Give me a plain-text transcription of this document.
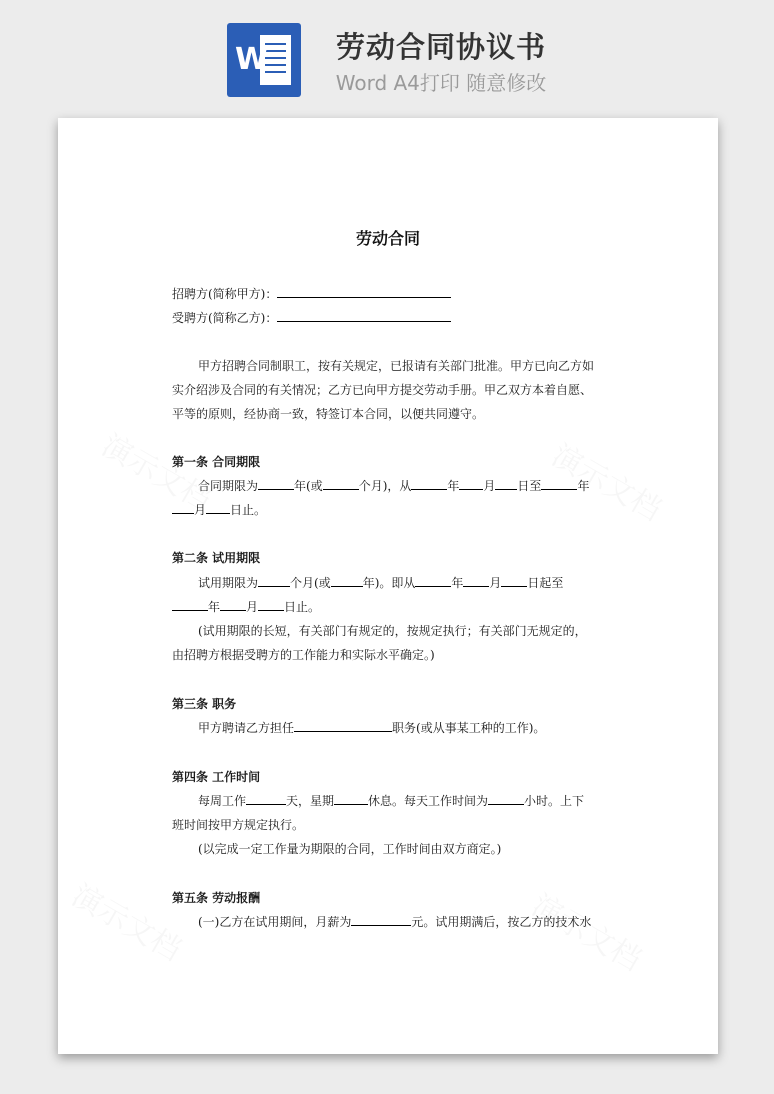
W	劳动合同协议书
Word A4打印 随意修改
劳动合同
招聘方(简称甲方)：
受聘方(简称乙方)：
甲方招聘合同制职工，按有关规定，已报请有关部门批准。甲方已向乙方如
实介绍涉及合同的有关情况；乙方已向甲方提交劳动手册。甲乙双方本着自愿、
平等的原则，经协商一致，特签订本合同，以便共同遵守。
第一条 合同期限
合同期限为	年(或	个月)，从	年 月 日至	年
月 日止。
第二条 试用期限
试用期限为	个月(或	年)。即从	年 月 日起至
年 月 日止。
(试用期限的长短，有关部门有规定的，按规定执行；有关部门无规定的，
由招聘方根据受聘方的工作能力和实际水平确定。)
第三条 职务
甲方聘请乙方担任	职务(或从事某工种的工作)。
第四条 工作时间
每周工作	天，星期	休息。每天工作时间为	小时。上下
班时间按甲方规定执行。
(以完成一定工作量为期限的合同，工作时间由双方商定。)
第五条 劳动报酬
(一)乙方在试用期间，月薪为	元。试用期满后，按乙方的技术水
